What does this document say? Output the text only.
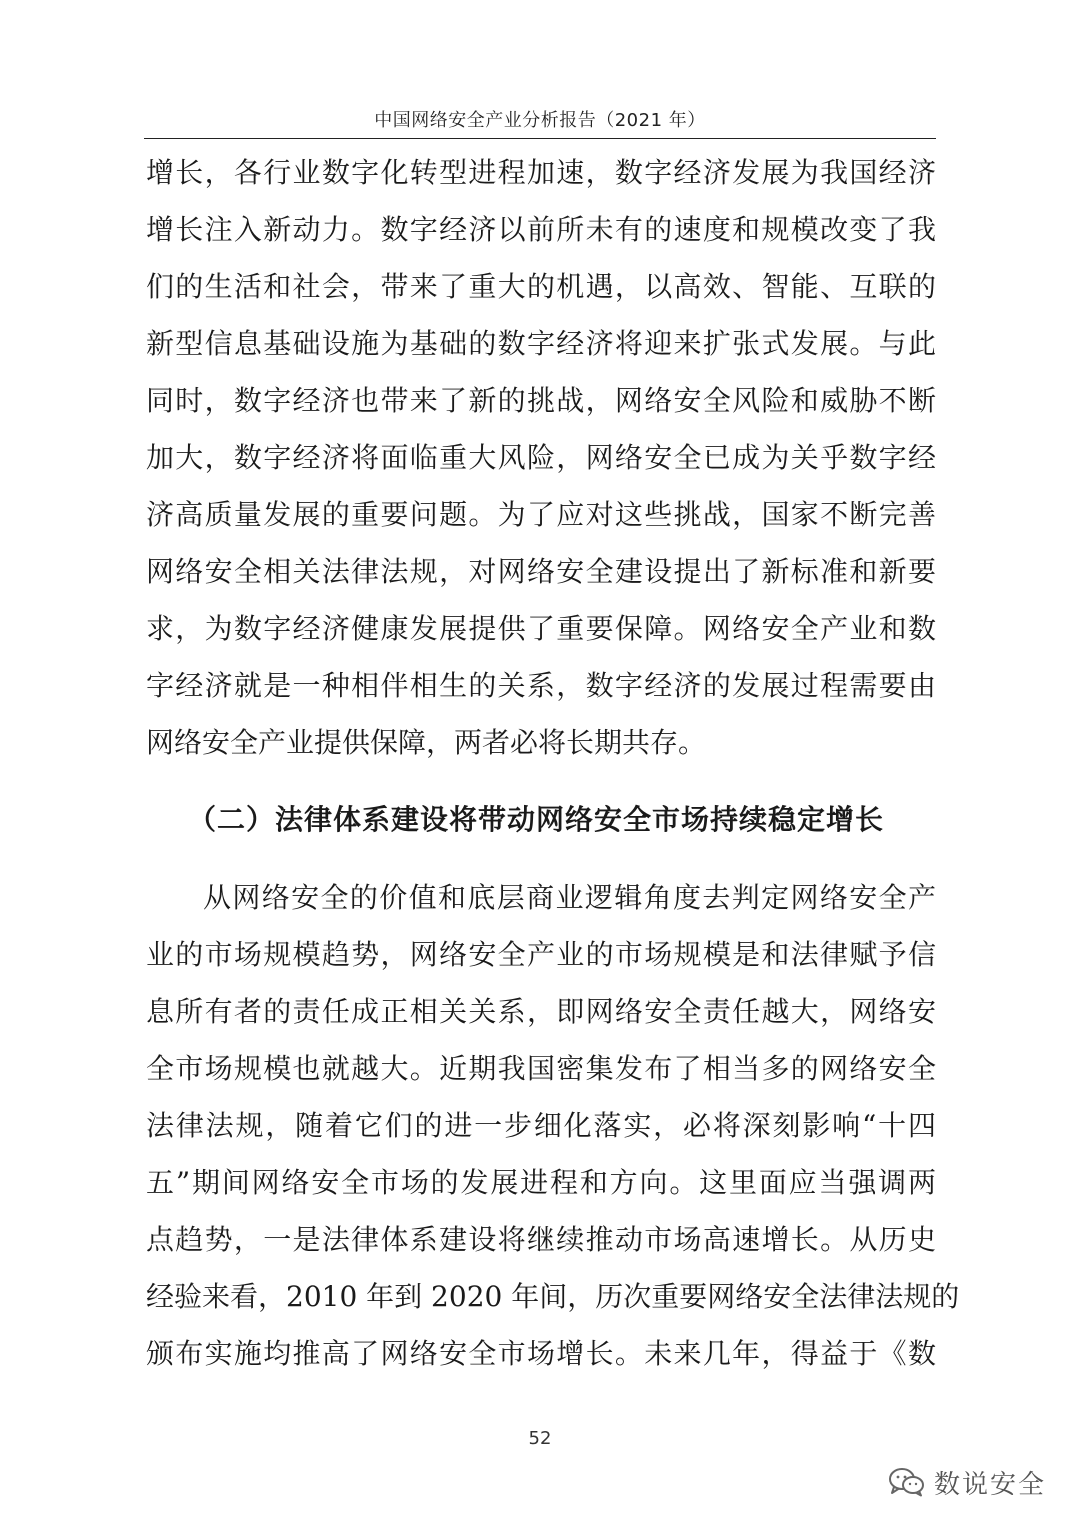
中国网络安全产业分析报告（2021 年）
增长，各行业数字化转型进程加速，数字经济发展为我国经济
增长注入新动力。数字经济以前所未有的速度和规模改变了我
们的生活和社会，带来了重大的机遇，以高效、智能、互联的
新型信息基础设施为基础的数字经济将迎来扩张式发展。与此
同时，数字经济也带来了新的挑战，网络安全风险和威胁不断
加大，数字经济将面临重大风险，网络安全已成为关乎数字经
济高质量发展的重要问题。为了应对这些挑战，国家不断完善
网络安全相关法律法规，对网络安全建设提出了新标准和新要
求，为数字经济健康发展提供了重要保障。网络安全产业和数
字经济就是一种相伴相生的关系，数字经济的发展过程需要由
网络安全产业提供保障，两者必将长期共存。
（二）法律体系建设将带动网络安全市场持续稳定增长
从网络安全的价值和底层商业逻辑角度去判定网络安全产
业的市场规模趋势，网络安全产业的市场规模是和法律赋予信
息所有者的责任成正相关关系，即网络安全责任越大，网络安
全市场规模也就越大。近期我国密集发布了相当多的网络安全
法律法规，随着它们的进一步细化落实，必将深刻影响“十四
五”期间网络安全市场的发展进程和方向。这里面应当强调两
点趋势，一是法律体系建设将继续推动市场高速增长。从历史
经验来看，2010 年到 2020 年间，历次重要网络安全法律法规的
颁布实施均推高了网络安全市场增长。未来几年，得益于《数
52
数说安全
